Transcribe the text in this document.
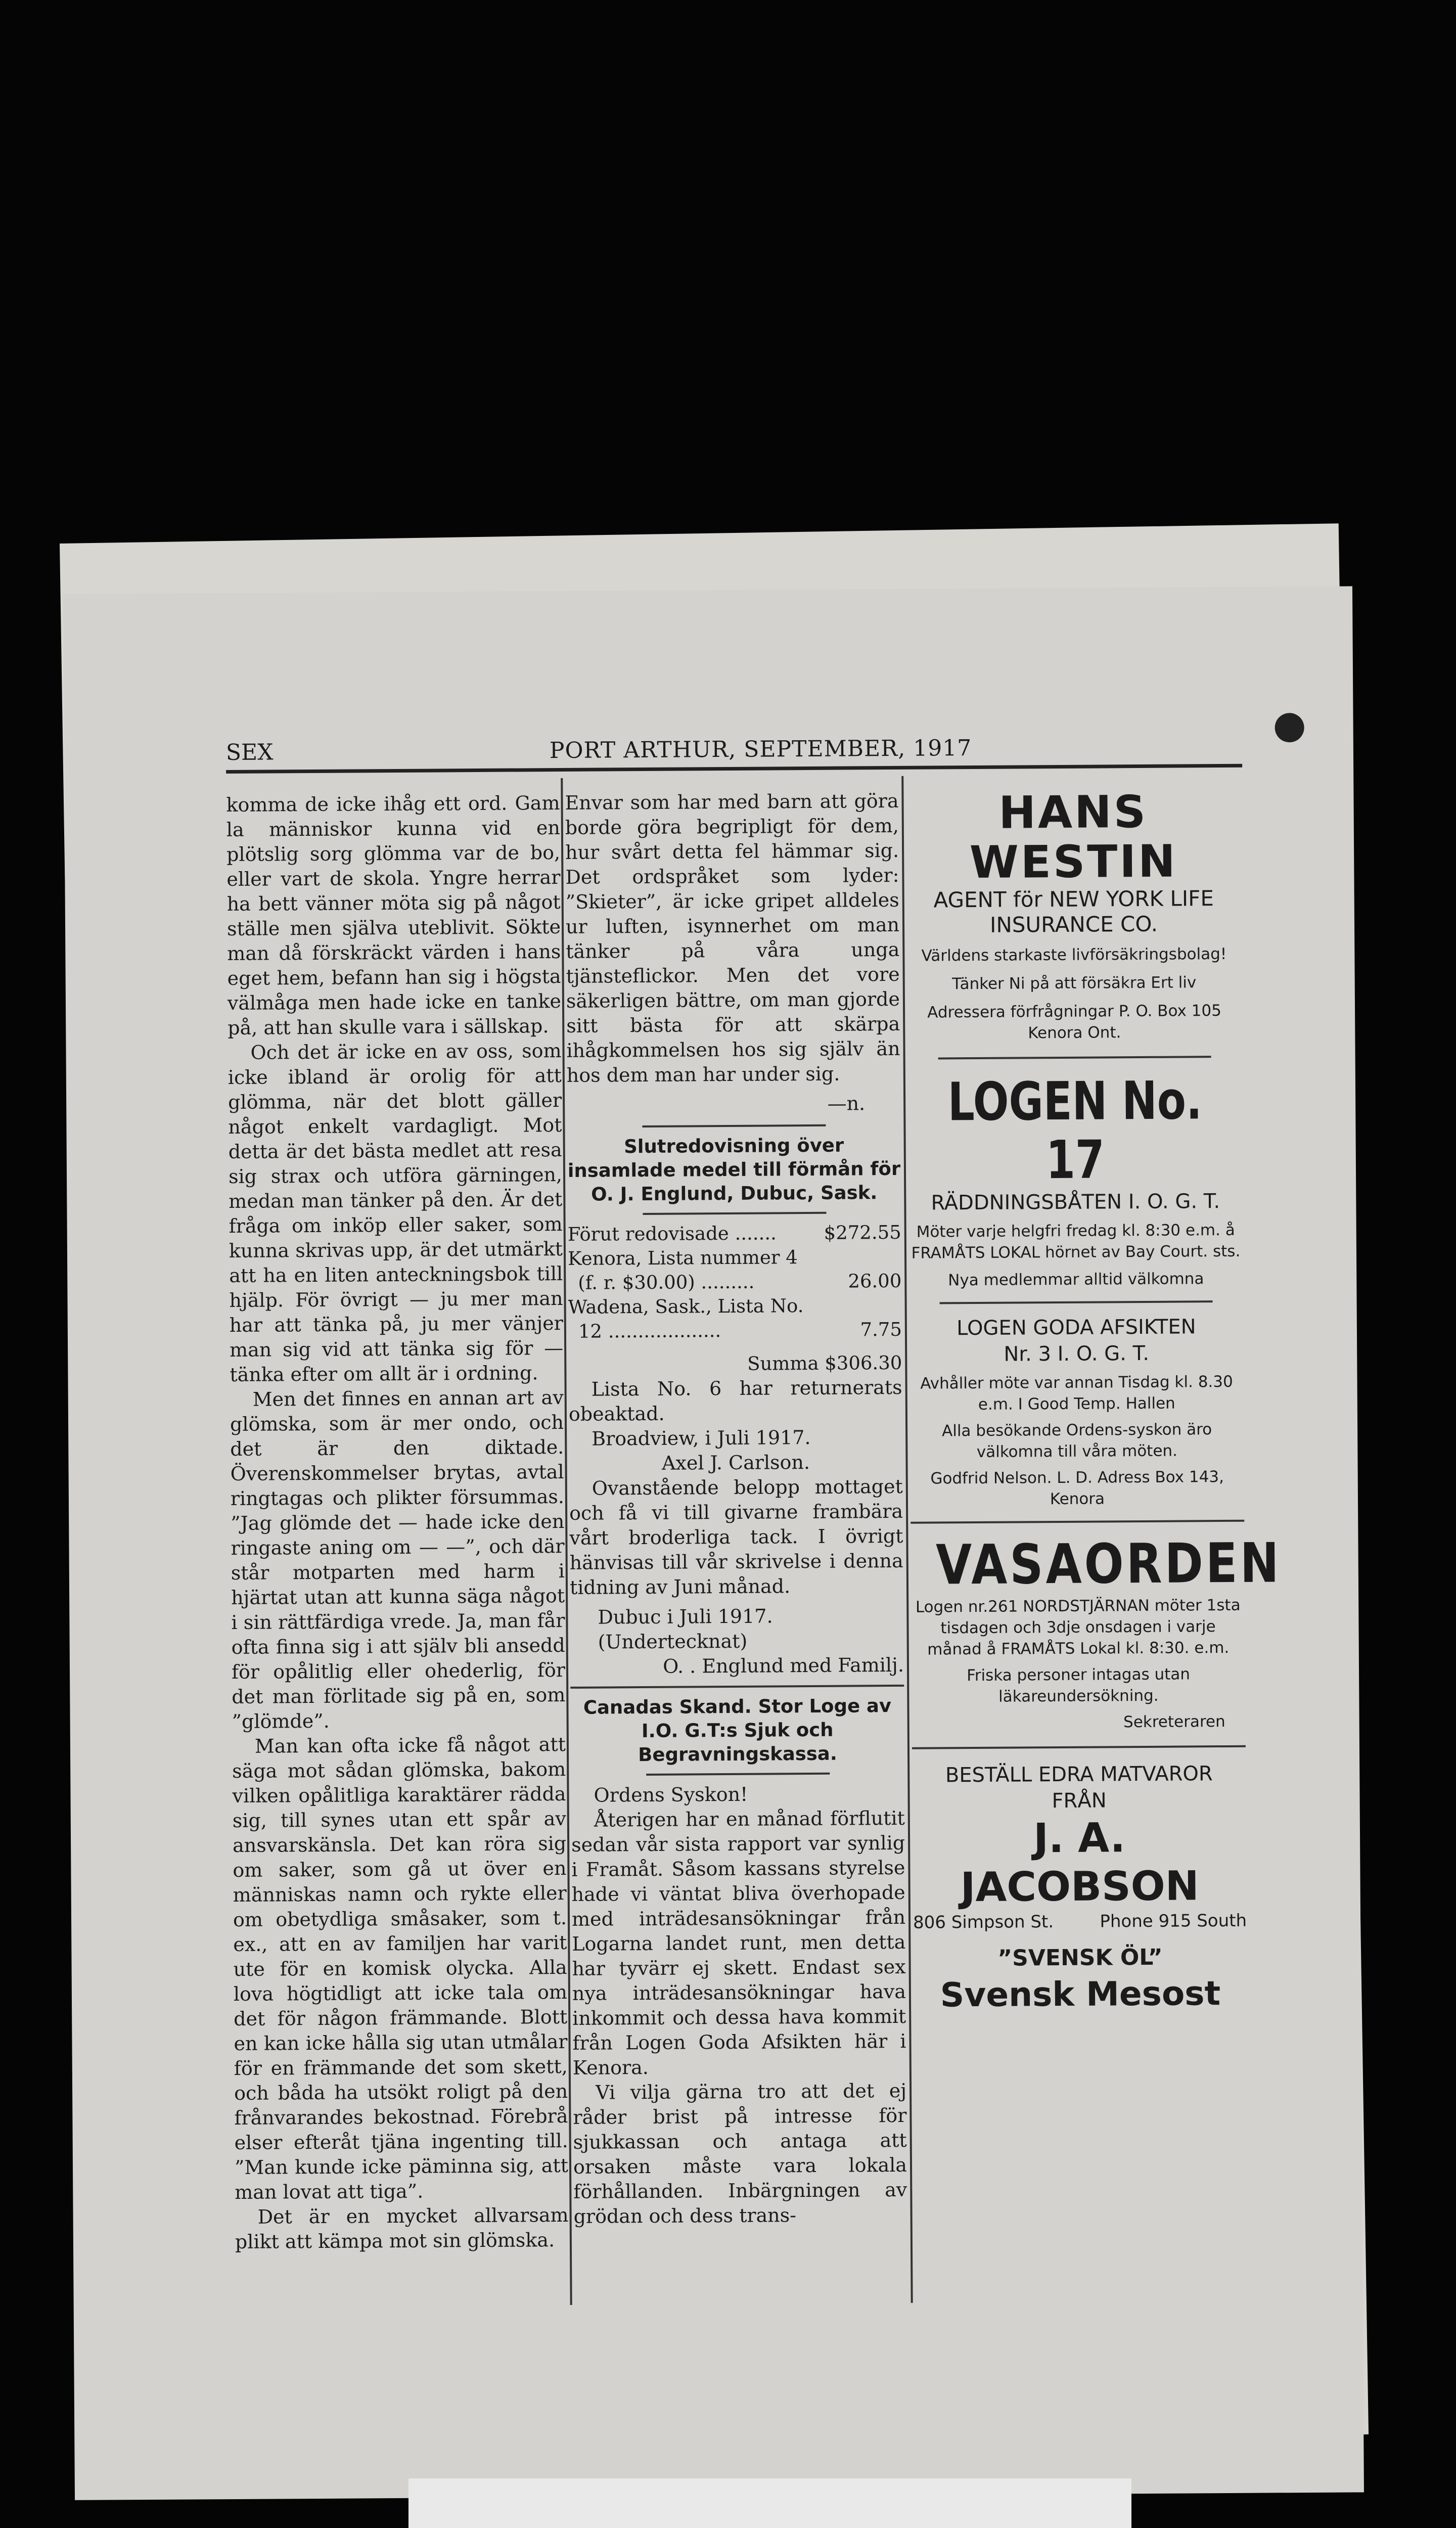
SEX	PORT ARTHUR, SEPTEMBER, 1917

komma de icke ihåg ett ord. Gam la människor kunna vid en plötslig sorg glömma var de bo, eller vart de skola. Yngre herrar ha bett vänner möta sig på något ställe men själva uteblivit. Sökte man då förskräckt värden i hans eget hem, befann han sig i högsta välmåga men hade icke en tanke på, att han skulle vara i sällskap.

Och det är icke en av oss, som icke ibland är orolig för att glömma, när det blott gäller något enkelt vardagligt. Mot detta är det bästa medlet att resa sig strax och utföra gärningen, medan man tänker på den. Är det fråga om inköp eller saker, som kunna skrivas upp, är det utmärkt att ha en liten anteckningsbok till hjälp. För övrigt — ju mer man har att tänka på, ju mer vänjer man sig vid att tänka sig för — tänka efter om allt är i ordning.

Men det finnes en annan art av glömska, som är mer ondo, och det är den diktade. Överenskommelser brytas, avtal ringtagas och plikter försummas. ”Jag glömde det — hade icke den ringaste aning om — —”, och där står motparten med harm i hjärtat utan att kunna säga något i sin rättfärdiga vrede. Ja, man får ofta finna sig i att själv bli ansedd för opålitlig eller ohederlig, för det man förlitade sig på en, som ”glömde”.

Man kan ofta icke få något att säga mot sådan glömska, bakom vilken opålitliga karaktärer rädda sig, till synes utan ett spår av ansvarskänsla. Det kan röra sig om saker, som gå ut över en människas namn och rykte eller om obetydliga småsaker, som t. ex., att en av familjen har varit ute för en komisk olycka. Alla lova högtidligt att icke tala om det för någon främmande. Blott en kan icke hålla sig utan utmålar för en främmande det som skett, och båda ha utsökt roligt på den frånvarandes bekostnad. Förebrå elser efteråt tjäna ingenting till. ”Man kunde icke päminna sig, att man lovat att tiga”.

Det är en mycket allvarsam plikt att kämpa mot sin glömska.

Envar som har med barn att göra borde göra begripligt för dem, hur svårt detta fel hämmar sig. Det ordspråket som lyder: ”Skieter”, är icke gripet alldeles ur luften, isynnerhet om man tänker på våra unga tjänsteflickor. Men det vore säkerligen bättre, om man gjorde sitt bästa för att skärpa ihågkommelsen hos sig själv än hos dem man har under sig.

—n.
Slutredovisning över insamlade medel till förmån för O. J. Englund, Dubuc, Sask.
Förut redovisade .......	$272.55
Kenora, Lista nummer 4
(f. r. $30.00) .........	26.00
Wadena, Sask., Lista No.
12 ...................	7.75
Summa $306.30

Lista No. 6 har returnerats obeaktad.

Broadview, i Juli 1917.

Axel J. Carlson.

Ovanstående belopp mottaget och få vi till givarne frambära vårt broderliga tack. I övrigt hänvisas till vår skrivelse i denna tidning av Juni månad.

Dubuc i Juli 1917.
(Undertecknat)
O. . Englund med Familj.
Canadas Skand. Stor Loge av I.O. G.T:s Sjuk och Begravningskassa.

Ordens Syskon!

Återigen har en månad förflutit sedan vår sista rapport var synlig i Framåt. Såsom kassans styrelse hade vi väntat bliva överhopade med inträdesansökningar från Logarna landet runt, men detta har tyvärr ej skett. Endast sex nya inträdesansökningar hava inkommit och dessa hava kommit från Logen Goda Afsikten här i Kenora.

Vi vilja gärna tro att det ej råder brist på intresse för sjukkassan och antaga att orsaken måste vara lokala förhållanden. Inbärgningen av grödan och dess trans-

HANS WESTIN
AGENT för NEW YORK LIFE INSURANCE CO.
Världens starkaste livförsäkringsbolag!
Tänker Ni på att försäkra Ert liv
Adressera förfrågningar P. O. Box 105 Kenora Ont.
LOGEN No. 17
RÄDDNINGSBÅTEN I. O. G. T.
Möter varje helgfri fredag kl. 8:30 e.m. å FRAMÅTS LOKAL hörnet av Bay Court. sts.
Nya medlemmar alltid välkomna
LOGEN GODA AFSIKTEN
Nr. 3 I. O. G. T.
Avhåller möte var annan Tisdag kl. 8.30 e.m. I Good Temp. Hallen
Alla besökande Ordens-syskon äro välkomna till våra möten.
Godfrid Nelson. L. D. Adress Box 143, Kenora
VASAORDEN
Logen nr.261 NORDSTJÄRNAN möter 1sta tisdagen och 3dje onsdagen i varje månad å FRAMÅTS Lokal kl. 8:30. e.m.
Friska personer intagas utan läkareundersökning.
Sekreteraren
BESTÄLL EDRA MATVAROR
FRÅN
J. A. JACOBSON
806 Simpson St.	Phone 915 South
”SVENSK ÖL”
Svensk Mesost
